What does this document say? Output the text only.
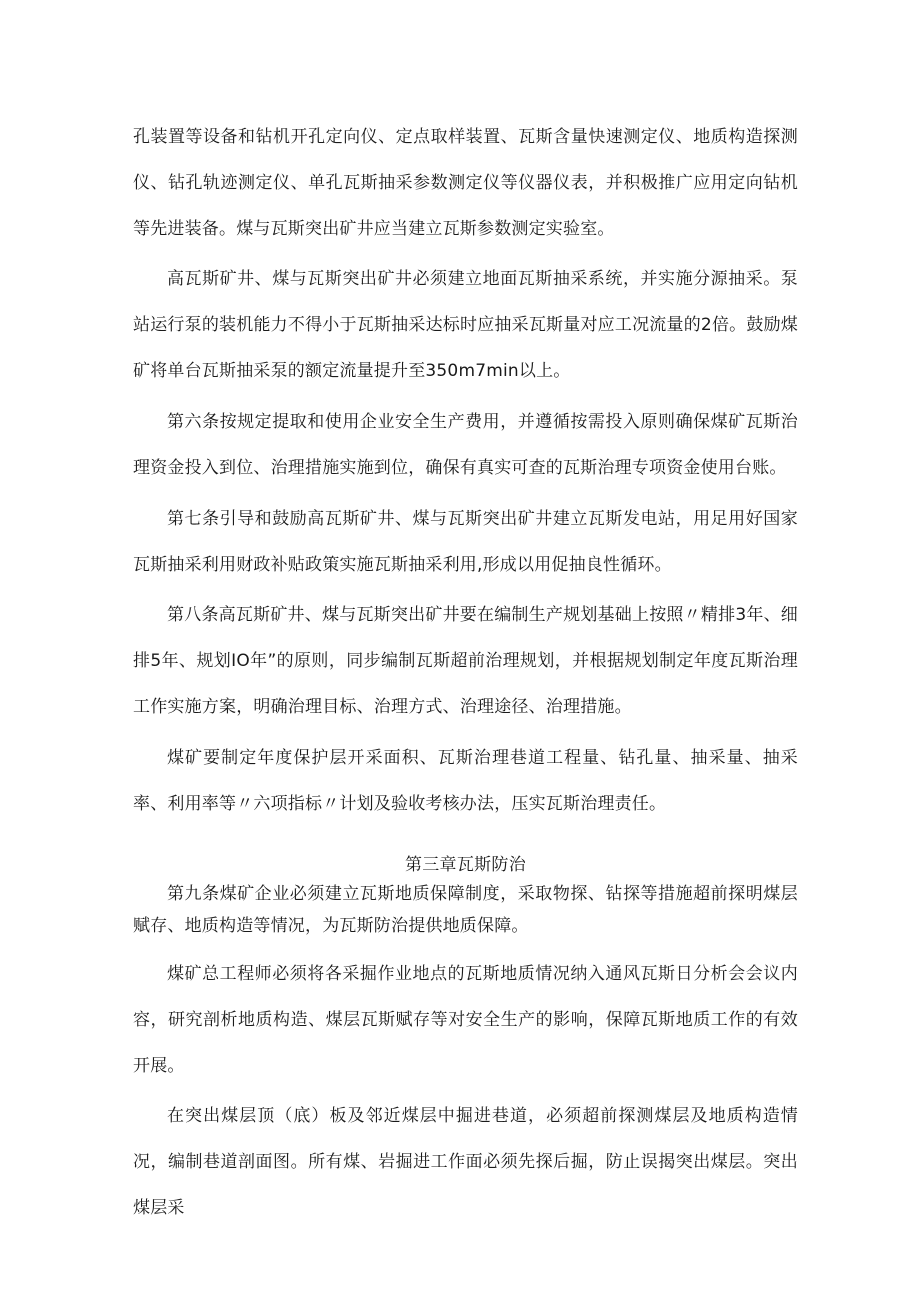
孔装置等设备和钻机开孔定向仪、定点取样装置、瓦斯含量快速测定仪、地质构造探测仪、钻孔轨迹测定仪、单孔瓦斯抽采参数测定仪等仪器仪表，并积极推广应用定向钻机等先进装备。煤与瓦斯突出矿井应当建立瓦斯参数测定实验室。

高瓦斯矿井、煤与瓦斯突出矿井必须建立地面瓦斯抽采系统，并实施分源抽采。泵站运行泵的装机能力不得小于瓦斯抽采达标时应抽采瓦斯量对应工况流量的2倍。鼓励煤矿将单台瓦斯抽采泵的额定流量提升至350m7min以上。

第六条按规定提取和使用企业安全生产费用，并遵循按需投入原则确保煤矿瓦斯治理资金投入到位、治理措施实施到位，确保有真实可查的瓦斯治理专项资金使用台账。

第七条引导和鼓励高瓦斯矿井、煤与瓦斯突出矿井建立瓦斯发电站，用足用好国家瓦斯抽采利用财政补贴政策实施瓦斯抽采利用,形成以用促抽良性循环。

第八条高瓦斯矿井、煤与瓦斯突出矿井要在编制生产规划基础上按照〃精排3年、细排5年、规划IO年”的原则，同步编制瓦斯超前治理规划，并根据规划制定年度瓦斯治理工作实施方案，明确治理目标、治理方式、治理途径、治理措施。

煤矿要制定年度保护层开采面积、瓦斯治理巷道工程量、钻孔量、抽采量、抽采率、利用率等〃六项指标〃计划及验收考核办法，压实瓦斯治理责任。

第三章瓦斯防治

第九条煤矿企业必须建立瓦斯地质保障制度，采取物探、钻探等措施超前探明煤层赋存、地质构造等情况，为瓦斯防治提供地质保障。

煤矿总工程师必须将各采掘作业地点的瓦斯地质情况纳入通风瓦斯日分析会会议内容，研究剖析地质构造、煤层瓦斯赋存等对安全生产的影响，保障瓦斯地质工作的有效开展。

在突出煤层顶（底）板及邻近煤层中掘进巷道，必须超前探测煤层及地质构造情况，编制巷道剖面图。所有煤、岩掘进工作面必须先探后掘，防止误揭突出煤层。突出煤层采
